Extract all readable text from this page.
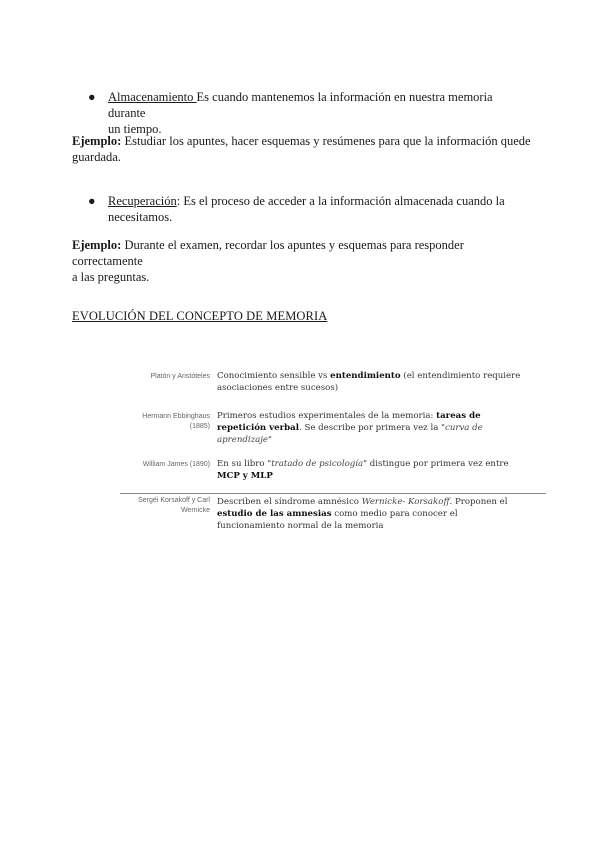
● Almacenamiento Es cuando mantenemos la información en nuestra memoria durante
un tiempo.
Ejemplo: Estudiar los apuntes, hacer esquemas y resúmenes para que la información quede
guardada.
● Recuperación: Es el proceso de acceder a la información almacenada cuando la
necesitamos.
Ejemplo: Durante el examen, recordar los apuntes y esquemas para responder correctamente
a las preguntas.
EVOLUCIÓN DEL CONCEPTO DE MEMORIA
Platón y Aristóteles Conocimiento sensible vs entendimiento (el entendimiento requiere
asociaciones entre sucesos)
Hermann Ebbinghaus
(1885)
Primeros estudios experimentales de la memoria: tareas de
repetición verbal. Se describe por primera vez la "curva de
aprendizaje"
William James (1890) En su libro "tratado de psicología" distingue por primera vez entre
MCP y MLP
Sergéi Korsakoff y Carl
Wernicke
Describen el síndrome amnésico Wernicke- Korsakoff. Proponen el
estudio de las amnesias como medio para conocer el
funcionamiento normal de la memoria
